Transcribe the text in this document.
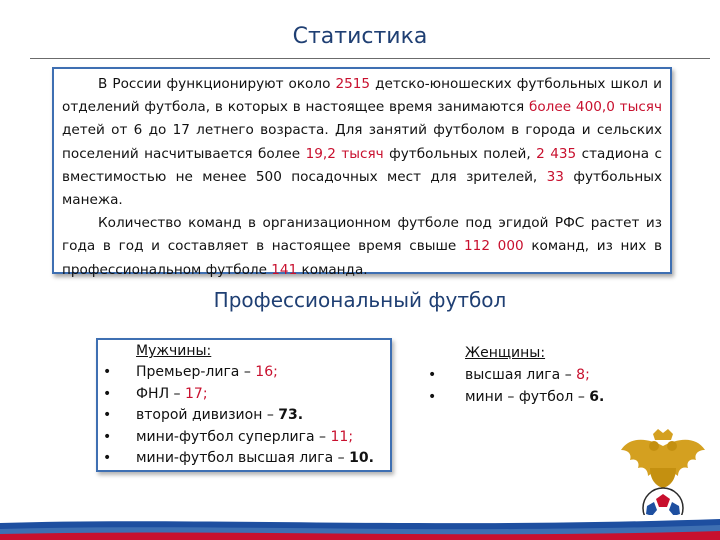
Статистика

В России функционируют около 2515 детско-юношеских футбольных школ и отделений футбола, в которых в настоящее время занимаются более 400,0 тысяч детей от 6 до 17 летнего возраста. Для занятий футболом в города и сельских поселений насчитывается более 19,2 тысяч футбольных полей, 2 435 стадиона с вместимостью не менее 500 посадочных мест для зрителей, 33 футбольных манежа.

Количество команд в организационном футболе под эгидой РФС растет из года в год и составляет в настоящее время свыше 112 000 команд, из них в профессиональном футболе 141 команда.

Профессиональный футбол
Мужчины:
• Премьер-лига – 16;
• ФНЛ – 17;
• второй дивизион – 73.
• мини-футбол суперлига – 11;
• мини-футбол высшая лига – 10.
Женщины:
• высшая лига – 8;
• мини – футбол – 6.
